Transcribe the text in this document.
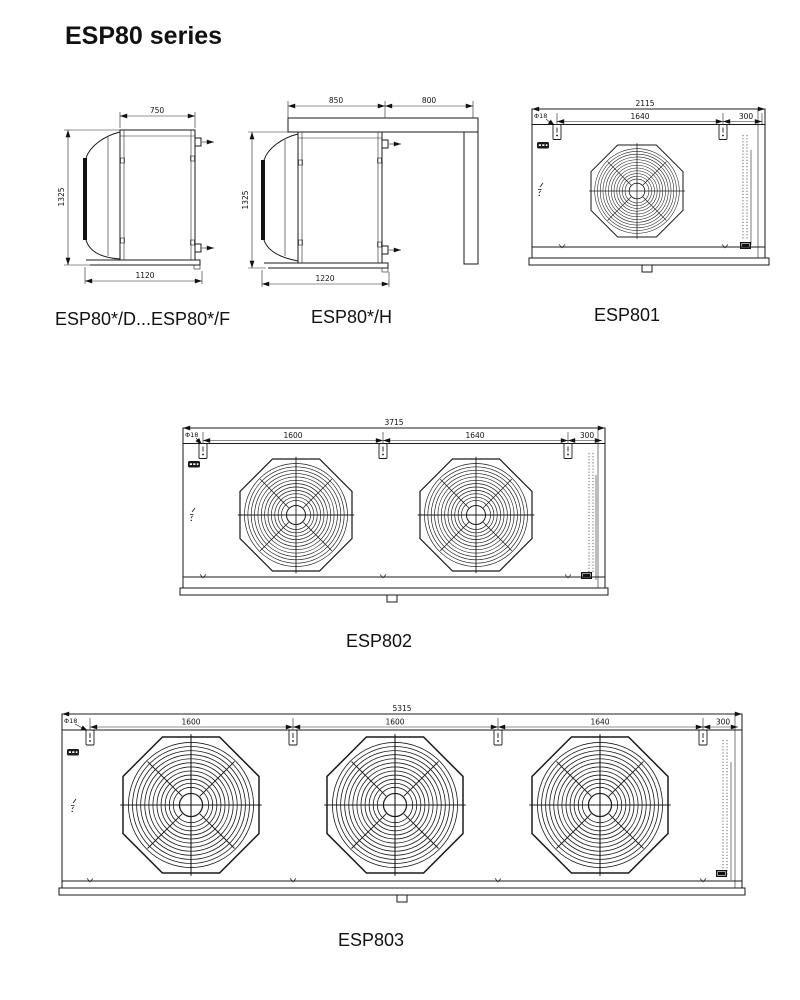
ESP80 series
750
1325
1120
850	800
1325
1220
2115
1640	300
Φ18
ESP80*/D...ESP80*/F	ESP80*/H	ESP801
3715
1600	1640	300
Φ18
ESP802
5315
1600	1600	1640	300
Φ18
ESP803
